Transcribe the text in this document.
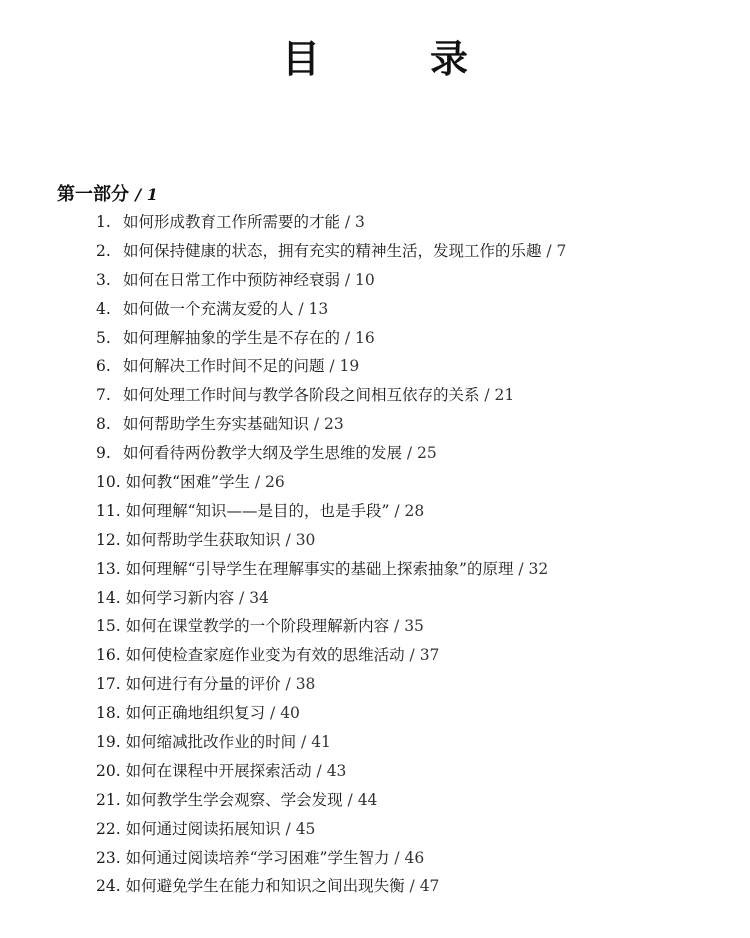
目　录
第一部分 / 1
1. 如何形成教育工作所需要的才能 / 3
2. 如何保持健康的状态，拥有充实的精神生活，发现工作的乐趣 / 7
3. 如何在日常工作中预防神经衰弱 / 10
4. 如何做一个充满友爱的人 / 13
5. 如何理解抽象的学生是不存在的 / 16
6. 如何解决工作时间不足的问题 / 19
7. 如何处理工作时间与教学各阶段之间相互依存的关系 / 21
8. 如何帮助学生夯实基础知识 / 23
9. 如何看待两份教学大纲及学生思维的发展 / 25
10. 如何教“困难”学生 / 26
11. 如何理解“知识——是目的，也是手段” / 28
12. 如何帮助学生获取知识 / 30
13. 如何理解“引导学生在理解事实的基础上探索抽象”的原理 / 32
14. 如何学习新内容 / 34
15. 如何在课堂教学的一个阶段理解新内容 / 35
16. 如何使检查家庭作业变为有效的思维活动 / 37
17. 如何进行有分量的评价 / 38
18. 如何正确地组织复习 / 40
19. 如何缩减批改作业的时间 / 41
20. 如何在课程中开展探索活动 / 43
21. 如何教学生学会观察、学会发现 / 44
22. 如何通过阅读拓展知识 / 45
23. 如何通过阅读培养“学习困难”学生智力 / 46
24. 如何避免学生在能力和知识之间出现失衡 / 47
